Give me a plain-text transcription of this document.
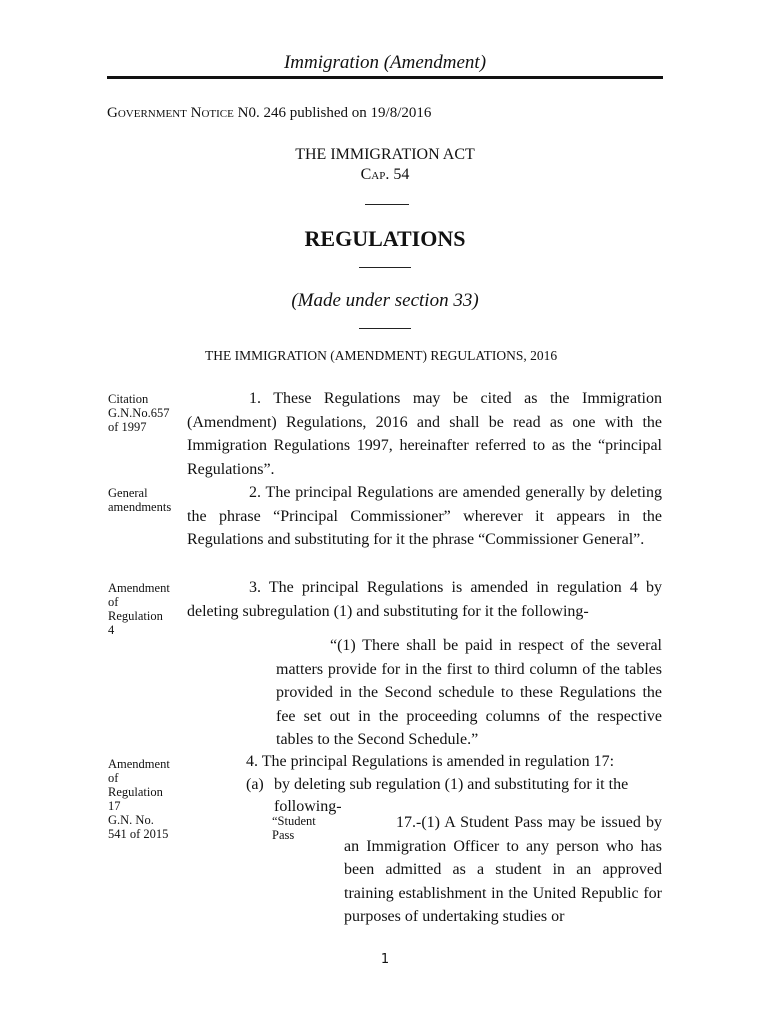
Immigration (Amendment)
Government Notice N0. 246 published on 19/8/2016
THE IMMIGRATION ACT
Cap. 54
REGULATIONS
(Made under section 33)
THE IMMIGRATION (AMENDMENT) REGULATIONS, 2016
Citation
G.N.No.657
of 1997
1. These Regulations may be cited as the Immigration (Amendment) Regulations, 2016 and shall be read as one with the Immigration Regulations 1997, hereinafter referred to as the “principal Regulations”.
General
amendments
2. The principal Regulations are amended generally by deleting the phrase “Principal Commissioner” wherever it appears in the Regulations and substituting for it the phrase “Commissioner General”.
Amendment
of
Regulation
4
3. The principal Regulations is amended in regulation 4 by deleting subregulation (1) and substituting for it the following-
“(1) There shall be paid in respect of the several matters provide for in the first to third column of the tables provided in the Second schedule to these Regulations the fee set out in the proceeding columns of the respective tables to the Second Schedule.”
Amendment
of
Regulation
17
G.N. No.
541 of 2015
4. The principal Regulations is amended in regulation 17:
(a) by deleting sub regulation (1) and substituting for it the
following-
“Student
Pass
17.-(1) A Student Pass may be issued by an Immigration Officer to any person who has been admitted as a student in an approved training establishment in the United Republic for purposes of undertaking studies or
1
